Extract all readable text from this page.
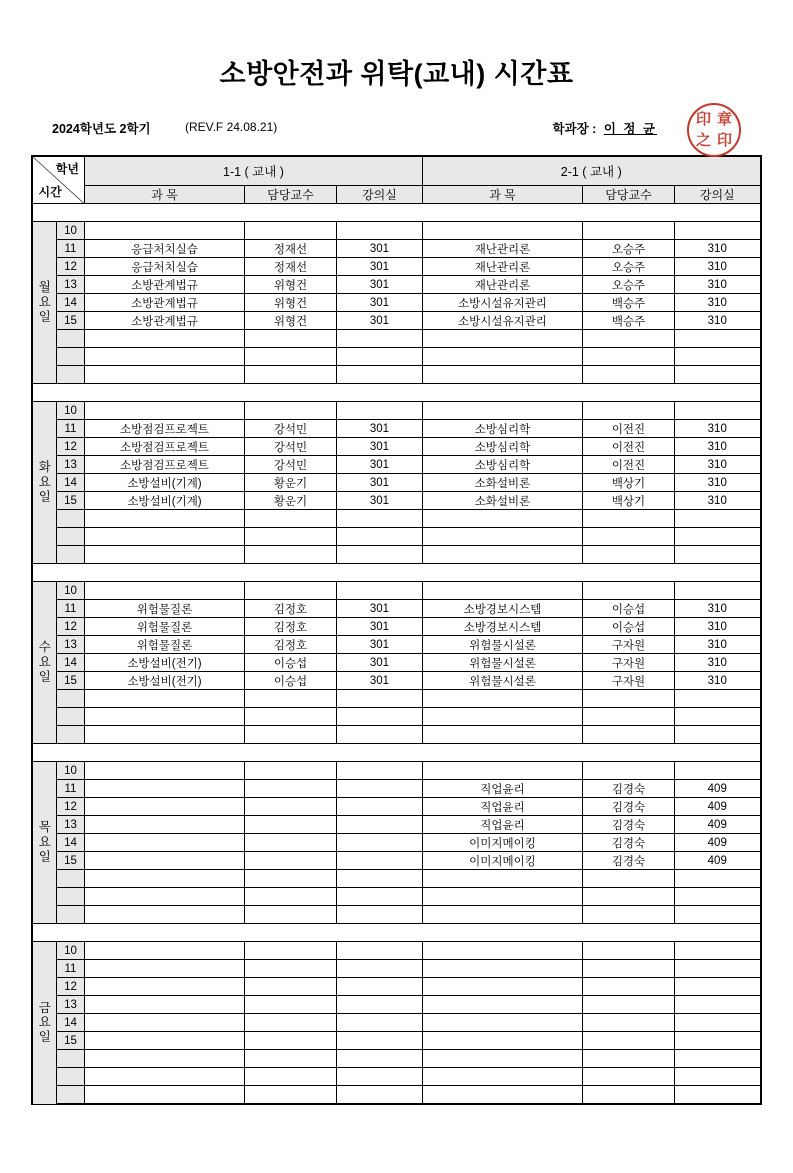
소방안전과 위탁(교내) 시간표
2024학년도 2학기	(REV.F 24.08.21)	학과장 : 이 정 균
印 章
之 印
학년
시간		1-1 ( 교내 )			2-1 ( 교내 )		
		과 목	담당교수	강의실	과 목	담당교수	강의실

월
요
일	10						
	11	응급처치실습	정재선	301	재난관리론	오승주	310
	12	응급처치실습	정재선	301	재난관리론	오승주	310
	13	소방관계법규	위형건	301	재난관리론	오승주	310
	14	소방관계법규	위형건	301	소방시설유지관리	백승주	310
	15	소방관계법규	위형건	301	소방시설유지관리	백승주	310

화
요
일	10						
	11	소방점검프로젝트	강석민	301	소방심리학	이전진	310
	12	소방점검프로젝트	강석민	301	소방심리학	이전진	310
	13	소방점검프로젝트	강석민	301	소방심리학	이전진	310
	14	소방설비(기계)	황운기	301	소화설비론	백상기	310
	15	소방설비(기계)	황운기	301	소화설비론	백상기	310

수
요
일	10						
	11	위험물질론	김정호	301	소방경보시스템	이승섭	310
	12	위험물질론	김정호	301	소방경보시스템	이승섭	310
	13	위험물질론	김정호	301	위험물시설론	구자원	310
	14	소방설비(전기)	이승섭	301	위험물시설론	구자원	310
	15	소방설비(전기)	이승섭	301	위험물시설론	구자원	310

목
요
일	10						
	11				직업윤리	김경숙	409
	12				직업윤리	김경숙	409
	13				직업윤리	김경숙	409
	14				이미지메이킹	김경숙	409
	15				이미지메이킹	김경숙	409

금
요
일	10						
	11						
	12						
	13						
	14						
	15						
